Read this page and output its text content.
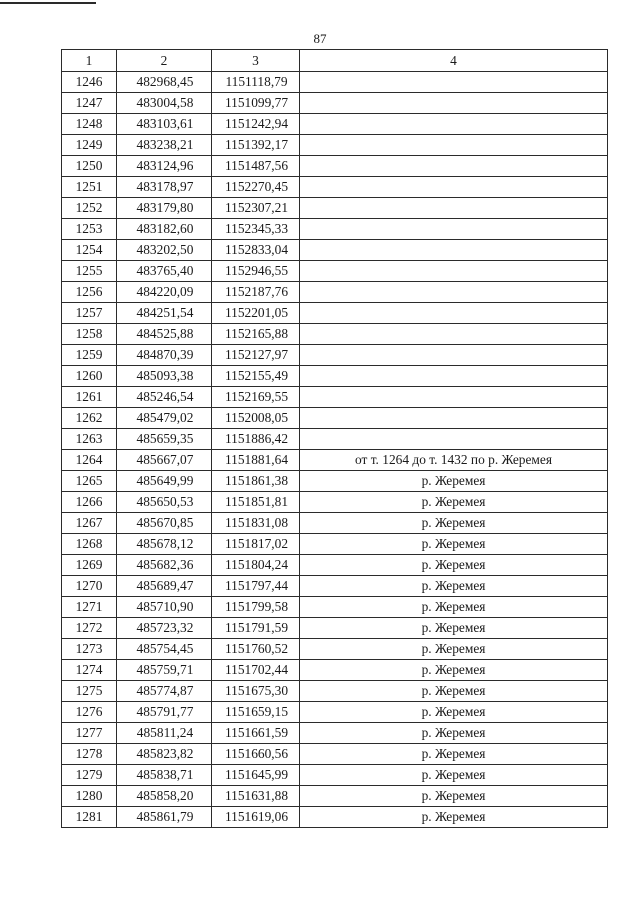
87
1	2	3	4
1246	482968,45	1151118,79	
1247	483004,58	1151099,77	
1248	483103,61	1151242,94	
1249	483238,21	1151392,17	
1250	483124,96	1151487,56	
1251	483178,97	1152270,45	
1252	483179,80	1152307,21	
1253	483182,60	1152345,33	
1254	483202,50	1152833,04	
1255	483765,40	1152946,55	
1256	484220,09	1152187,76	
1257	484251,54	1152201,05	
1258	484525,88	1152165,88	
1259	484870,39	1152127,97	
1260	485093,38	1152155,49	
1261	485246,54	1152169,55	
1262	485479,02	1152008,05	
1263	485659,35	1151886,42	
1264	485667,07	1151881,64	от т. 1264 до т. 1432 по р. Жеремея
1265	485649,99	1151861,38	р. Жеремея
1266	485650,53	1151851,81	р. Жеремея
1267	485670,85	1151831,08	р. Жеремея
1268	485678,12	1151817,02	р. Жеремея
1269	485682,36	1151804,24	р. Жеремея
1270	485689,47	1151797,44	р. Жеремея
1271	485710,90	1151799,58	р. Жеремея
1272	485723,32	1151791,59	р. Жеремея
1273	485754,45	1151760,52	р. Жеремея
1274	485759,71	1151702,44	р. Жеремея
1275	485774,87	1151675,30	р. Жеремея
1276	485791,77	1151659,15	р. Жеремея
1277	485811,24	1151661,59	р. Жеремея
1278	485823,82	1151660,56	р. Жеремея
1279	485838,71	1151645,99	р. Жеремея
1280	485858,20	1151631,88	р. Жеремея
1281	485861,79	1151619,06	р. Жеремея
